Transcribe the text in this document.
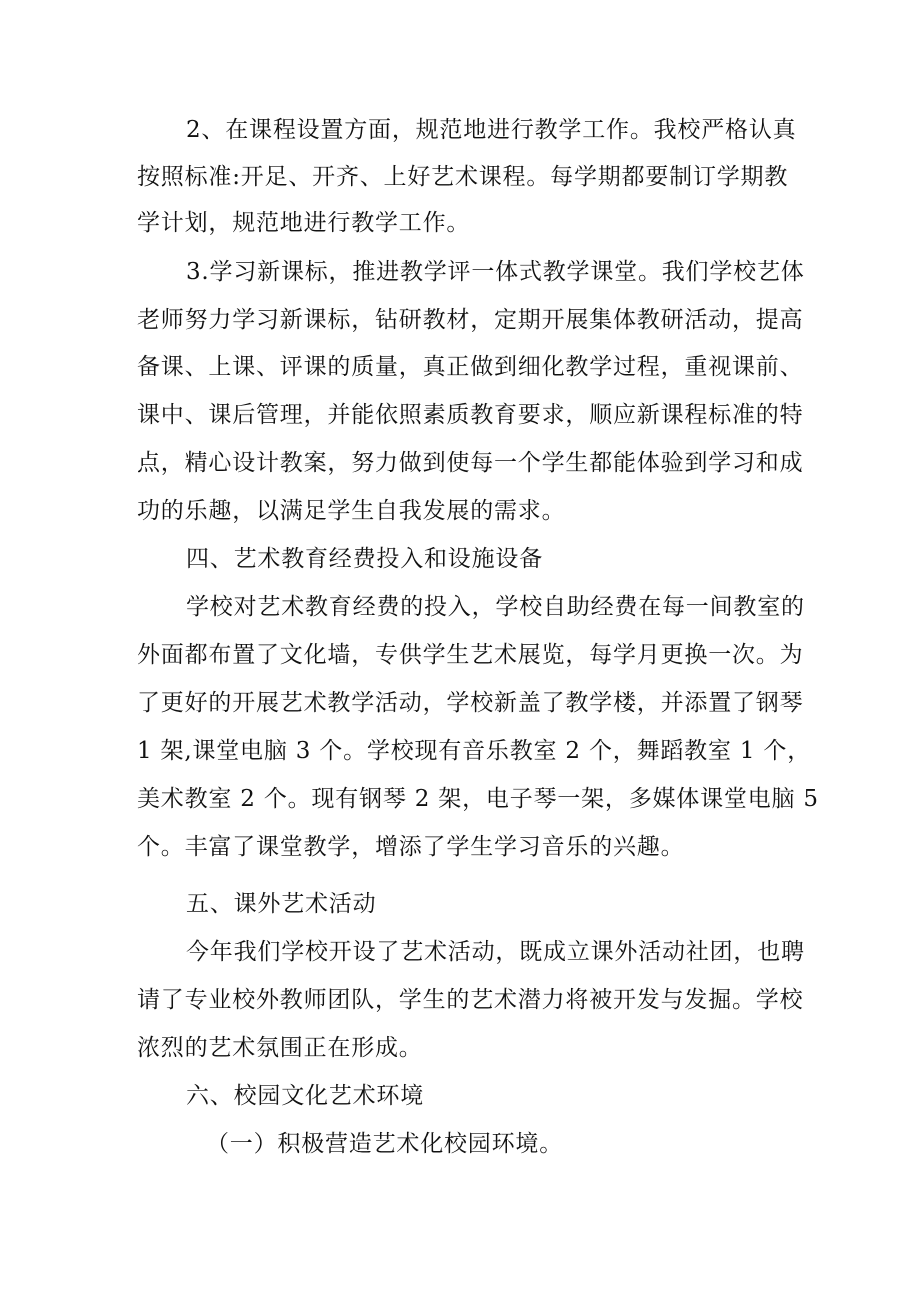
2、在课程设置方面，规范地进行教学工作。我校严格认真
按照标准:开足、开齐、上好艺术课程。每学期都要制订学期教
学计划，规范地进行教学工作。
3.学习新课标，推进教学评一体式教学课堂。我们学校艺体
老师努力学习新课标，钻研教材，定期开展集体教研活动，提高
备课、上课、评课的质量，真正做到细化教学过程，重视课前、
课中、课后管理，并能依照素质教育要求，顺应新课程标准的特
点，精心设计教案，努力做到使每一个学生都能体验到学习和成
功的乐趣，以满足学生自我发展的需求。
四、艺术教育经费投入和设施设备
学校对艺术教育经费的投入，学校自助经费在每一间教室的
外面都布置了文化墙，专供学生艺术展览，每学月更换一次。为
了更好的开展艺术教学活动，学校新盖了教学楼，并添置了钢琴
1 架,课堂电脑 3 个。学校现有音乐教室 2 个，舞蹈教室 1 个，
美术教室 2 个。现有钢琴 2 架，电子琴一架，多媒体课堂电脑 5
个。丰富了课堂教学，增添了学生学习音乐的兴趣。
五、课外艺术活动
今年我们学校开设了艺术活动，既成立课外活动社团，也聘
请了专业校外教师团队，学生的艺术潜力将被开发与发掘。学校
浓烈的艺术氛围正在形成。
六、校园文化艺术环境
（一）积极营造艺术化校园环境。
